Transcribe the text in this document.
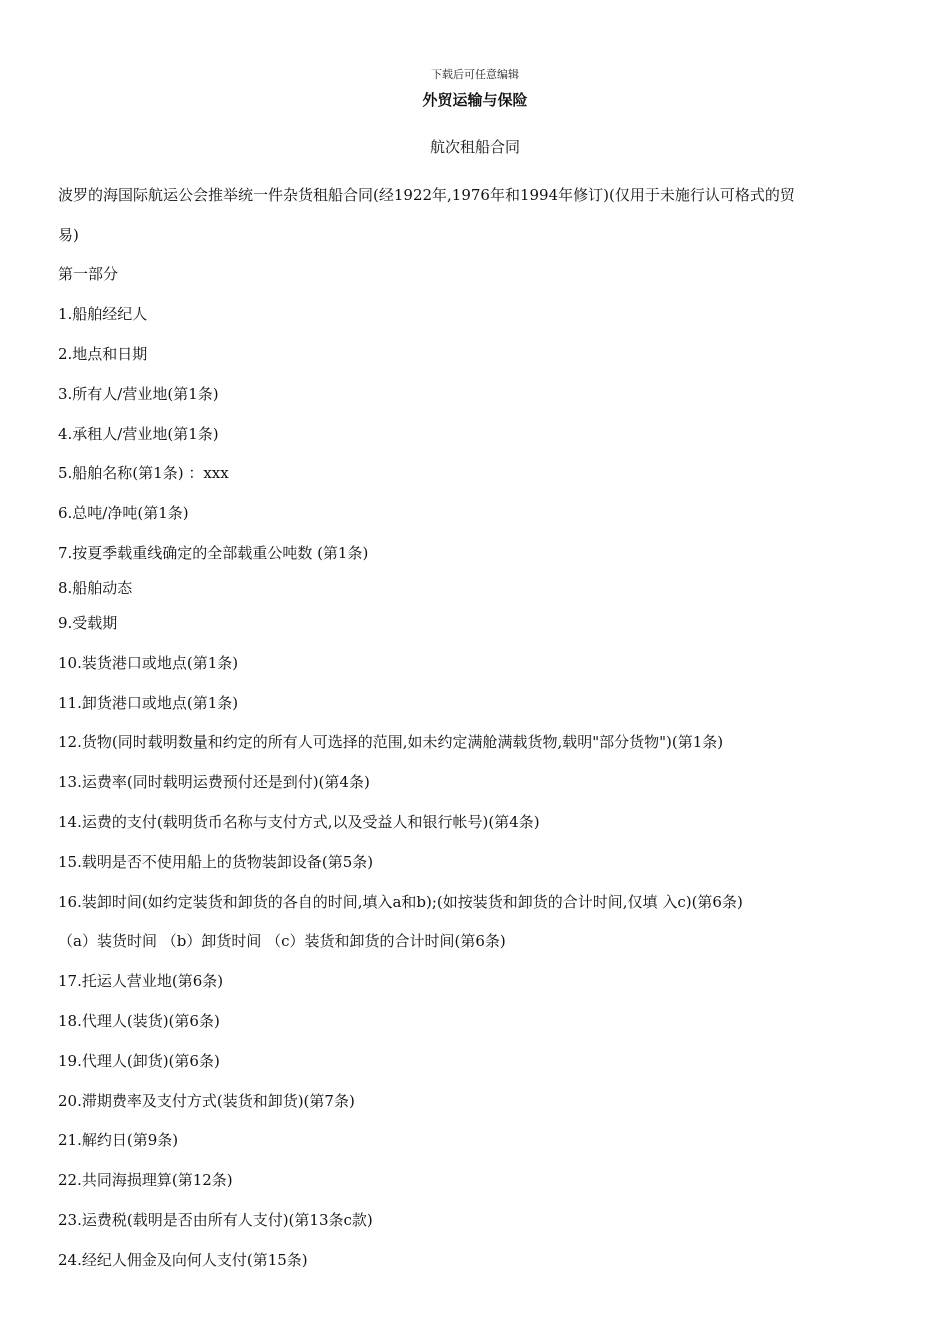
下载后可任意编辑
外贸运输与保险
航次租船合同
波罗的海国际航运公会推举统一件杂货租船合同(经1922年,1976年和1994年修订)(仅用于未施行认可格式的贸
易)
第一部分
1.船舶经纪人
2.地点和日期
3.所有人/营业地(第1条)
4.承租人/营业地(第1条)
5.船舶名称(第1条) ：xxx
6.总吨/净吨(第1条)
7.按夏季载重线确定的全部载重公吨数 (第1条)
8.船舶动态
9.受载期
10.装货港口或地点(第1条)
11.卸货港口或地点(第1条)
12.货物(同时载明数量和约定的所有人可选择的范围,如未约定满舱满载货物,载明"部分货物")(第1条)
13.运费率(同时载明运费预付还是到付)(第4条)
14.运费的支付(载明货币名称与支付方式,以及受益人和银行帐号)(第4条)
15.载明是否不使用船上的货物装卸设备(第5条)
16.装卸时间(如约定装货和卸货的各自的时间,填入a和b);(如按装货和卸货的合计时间,仅填 入c)(第6条)
（a）装货时间 （b）卸货时间 （c）装货和卸货的合计时间(第6条)
17.托运人营业地(第6条)
18.代理人(装货)(第6条)
19.代理人(卸货)(第6条)
20.滞期费率及支付方式(装货和卸货)(第7条)
21.解约日(第9条)
22.共同海损理算(第12条)
23.运费税(载明是否由所有人支付)(第13条c款)
24.经纪人佣金及向何人支付(第15条)
